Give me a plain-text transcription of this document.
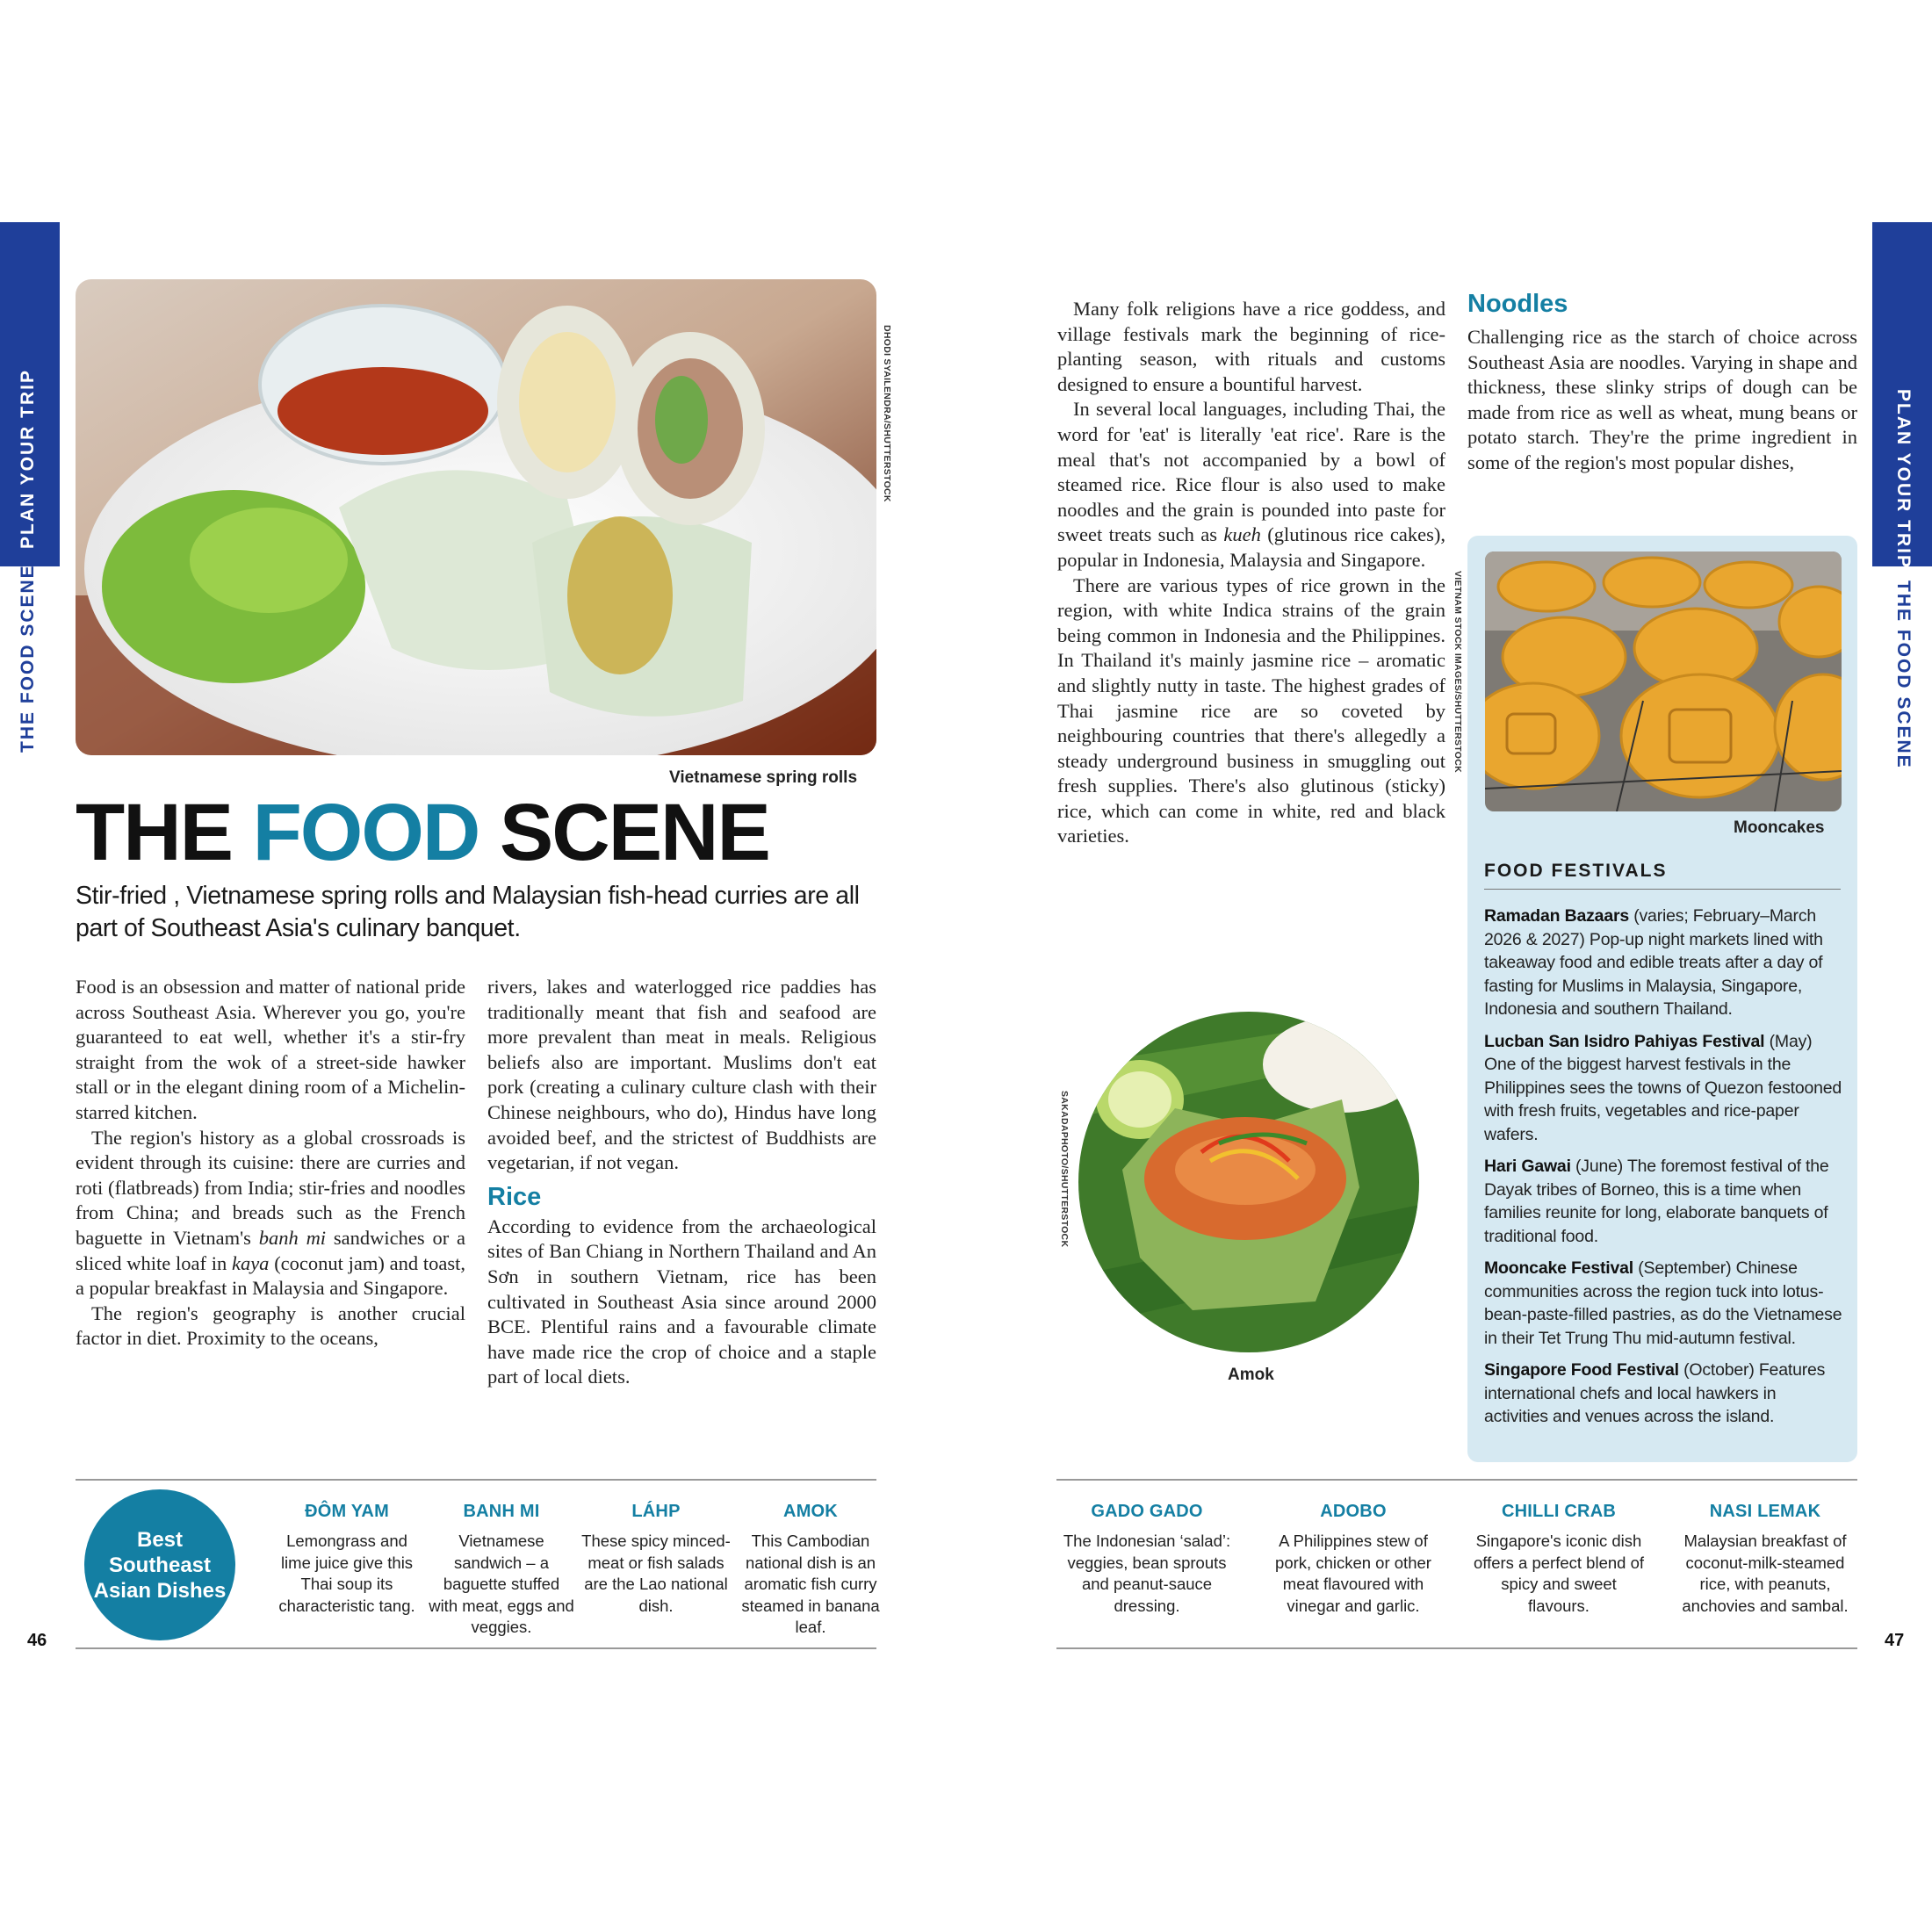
PLAN YOUR TRIP
THE FOOD SCENE
PLAN YOUR TRIP
THE FOOD SCENE
DHODI SYAILENDRA/SHUTTERSTOCK
Vietnamese spring rolls
THE FOOD SCENE
Stir-fried , Vietnamese spring rolls and Malaysian fish-head curries are all part of Southeast Asia's culinary banquet.

Food is an obsession and matter of national pride across Southeast Asia. Wherever you go, you're guaranteed to eat well, whether it's a stir-fry straight from the wok of a street-side hawker stall or in the elegant dining room of a Michelin-starred kitchen.

The region's history as a global crossroads is evident through its cuisine: there are curries and roti (flatbreads) from India; stir-fries and noodles from China; and breads such as the French baguette in Vietnam's banh mi sandwiches or a sliced white loaf in kaya (coconut jam) and toast, a popular breakfast in Malaysia and Singapore.

The region's geography is another crucial factor in diet. Proximity to the oceans,

rivers, lakes and waterlogged rice paddies has traditionally meant that fish and seafood are more prevalent than meat in meals. Religious beliefs also are important. Muslims don't eat pork (creating a culinary culture clash with their Chinese neighbours, who do), Hindus have long avoided beef, and the strictest of Buddhists are vegetarian, if not vegan.

Rice

According to evidence from the archaeological sites of Ban Chiang in Northern Thailand and An Sơn in southern Vietnam, rice has been cultivated in Southeast Asia since around 2000 BCE. Plentiful rains and a favourable climate have made rice the crop of choice and a staple part of local diets.

Many folk religions have a rice goddess, and village festivals mark the beginning of rice-planting season, with rituals and customs designed to ensure a bountiful harvest.

In several local languages, including Thai, the word for 'eat' is literally 'eat rice'. Rare is the meal that's not accompanied by a bowl of steamed rice. Rice flour is also used to make noodles and the grain is pounded into paste for sweet treats such as kueh (glutinous rice cakes), popular in Indonesia, Malaysia and Singapore.

There are various types of rice grown in the region, with white Indica strains of the grain being common in Indonesia and the Philippines. In Thailand it's mainly jasmine rice – aromatic and slightly nutty in taste. The highest grades of Thai jasmine rice are so coveted by neighbouring countries that there's allegedly a steady underground business in smuggling out fresh supplies. There's also glutinous (sticky) rice, which can come in white, red and black varieties.

VIETNAM STOCK IMAGES/SHUTTERSTOCK
Noodles

Challenging rice as the starch of choice across Southeast Asia are noodles. Varying in shape and thickness, these slinky strips of dough can be made from rice as well as wheat, mung beans or potato starch. They're the prime ingredient in some of the region's most popular dishes,

Mooncakes
FOOD FESTIVALS

Ramadan Bazaars (varies; February–March 2026 & 2027) Pop-up night markets lined with takeaway food and edible treats after a day of fasting for Muslims in Malaysia, Singapore, Indonesia and southern Thailand.

Lucban San Isidro Pahiyas Festival (May) One of the biggest harvest festivals in the Philippines sees the towns of Quezon festooned with fresh fruits, vegetables and rice-paper wafers.

Hari Gawai (June) The foremost festival of the Dayak tribes of Borneo, this is a time when families reunite for long, elaborate banquets of traditional food.

Mooncake Festival (September) Chinese communities across the region tuck into lotus-bean-paste-filled pastries, as do the Vietnamese in their Tet Trung Thu mid-autumn festival.

Singapore Food Festival (October) Features international chefs and local hawkers in activities and venues across the island.

SAKADAPHOTO/SHUTTERSTOCK
Amok
Best Southeast Asian Dishes
ĐÔM YAM
Lemongrass and lime juice give this Thai soup its characteristic tang.
BANH MI
Vietnamese sandwich – a baguette stuffed with meat, eggs and veggies.
LÁHP
These spicy minced-meat or fish salads are the Lao national dish.
AMOK
This Cambodian national dish is an aromatic fish curry steamed in banana leaf.
GADO GADO
The Indonesian ‘salad’: veggies, bean sprouts and peanut-sauce dressing.
ADOBO
A Philippines stew of pork, chicken or other meat flavoured with vinegar and garlic.
CHILLI CRAB
Singapore's iconic dish offers a perfect blend of spicy and sweet flavours.
NASI LEMAK
Malaysian breakfast of coconut-milk-steamed rice, with peanuts, anchovies and sambal.
46	47
